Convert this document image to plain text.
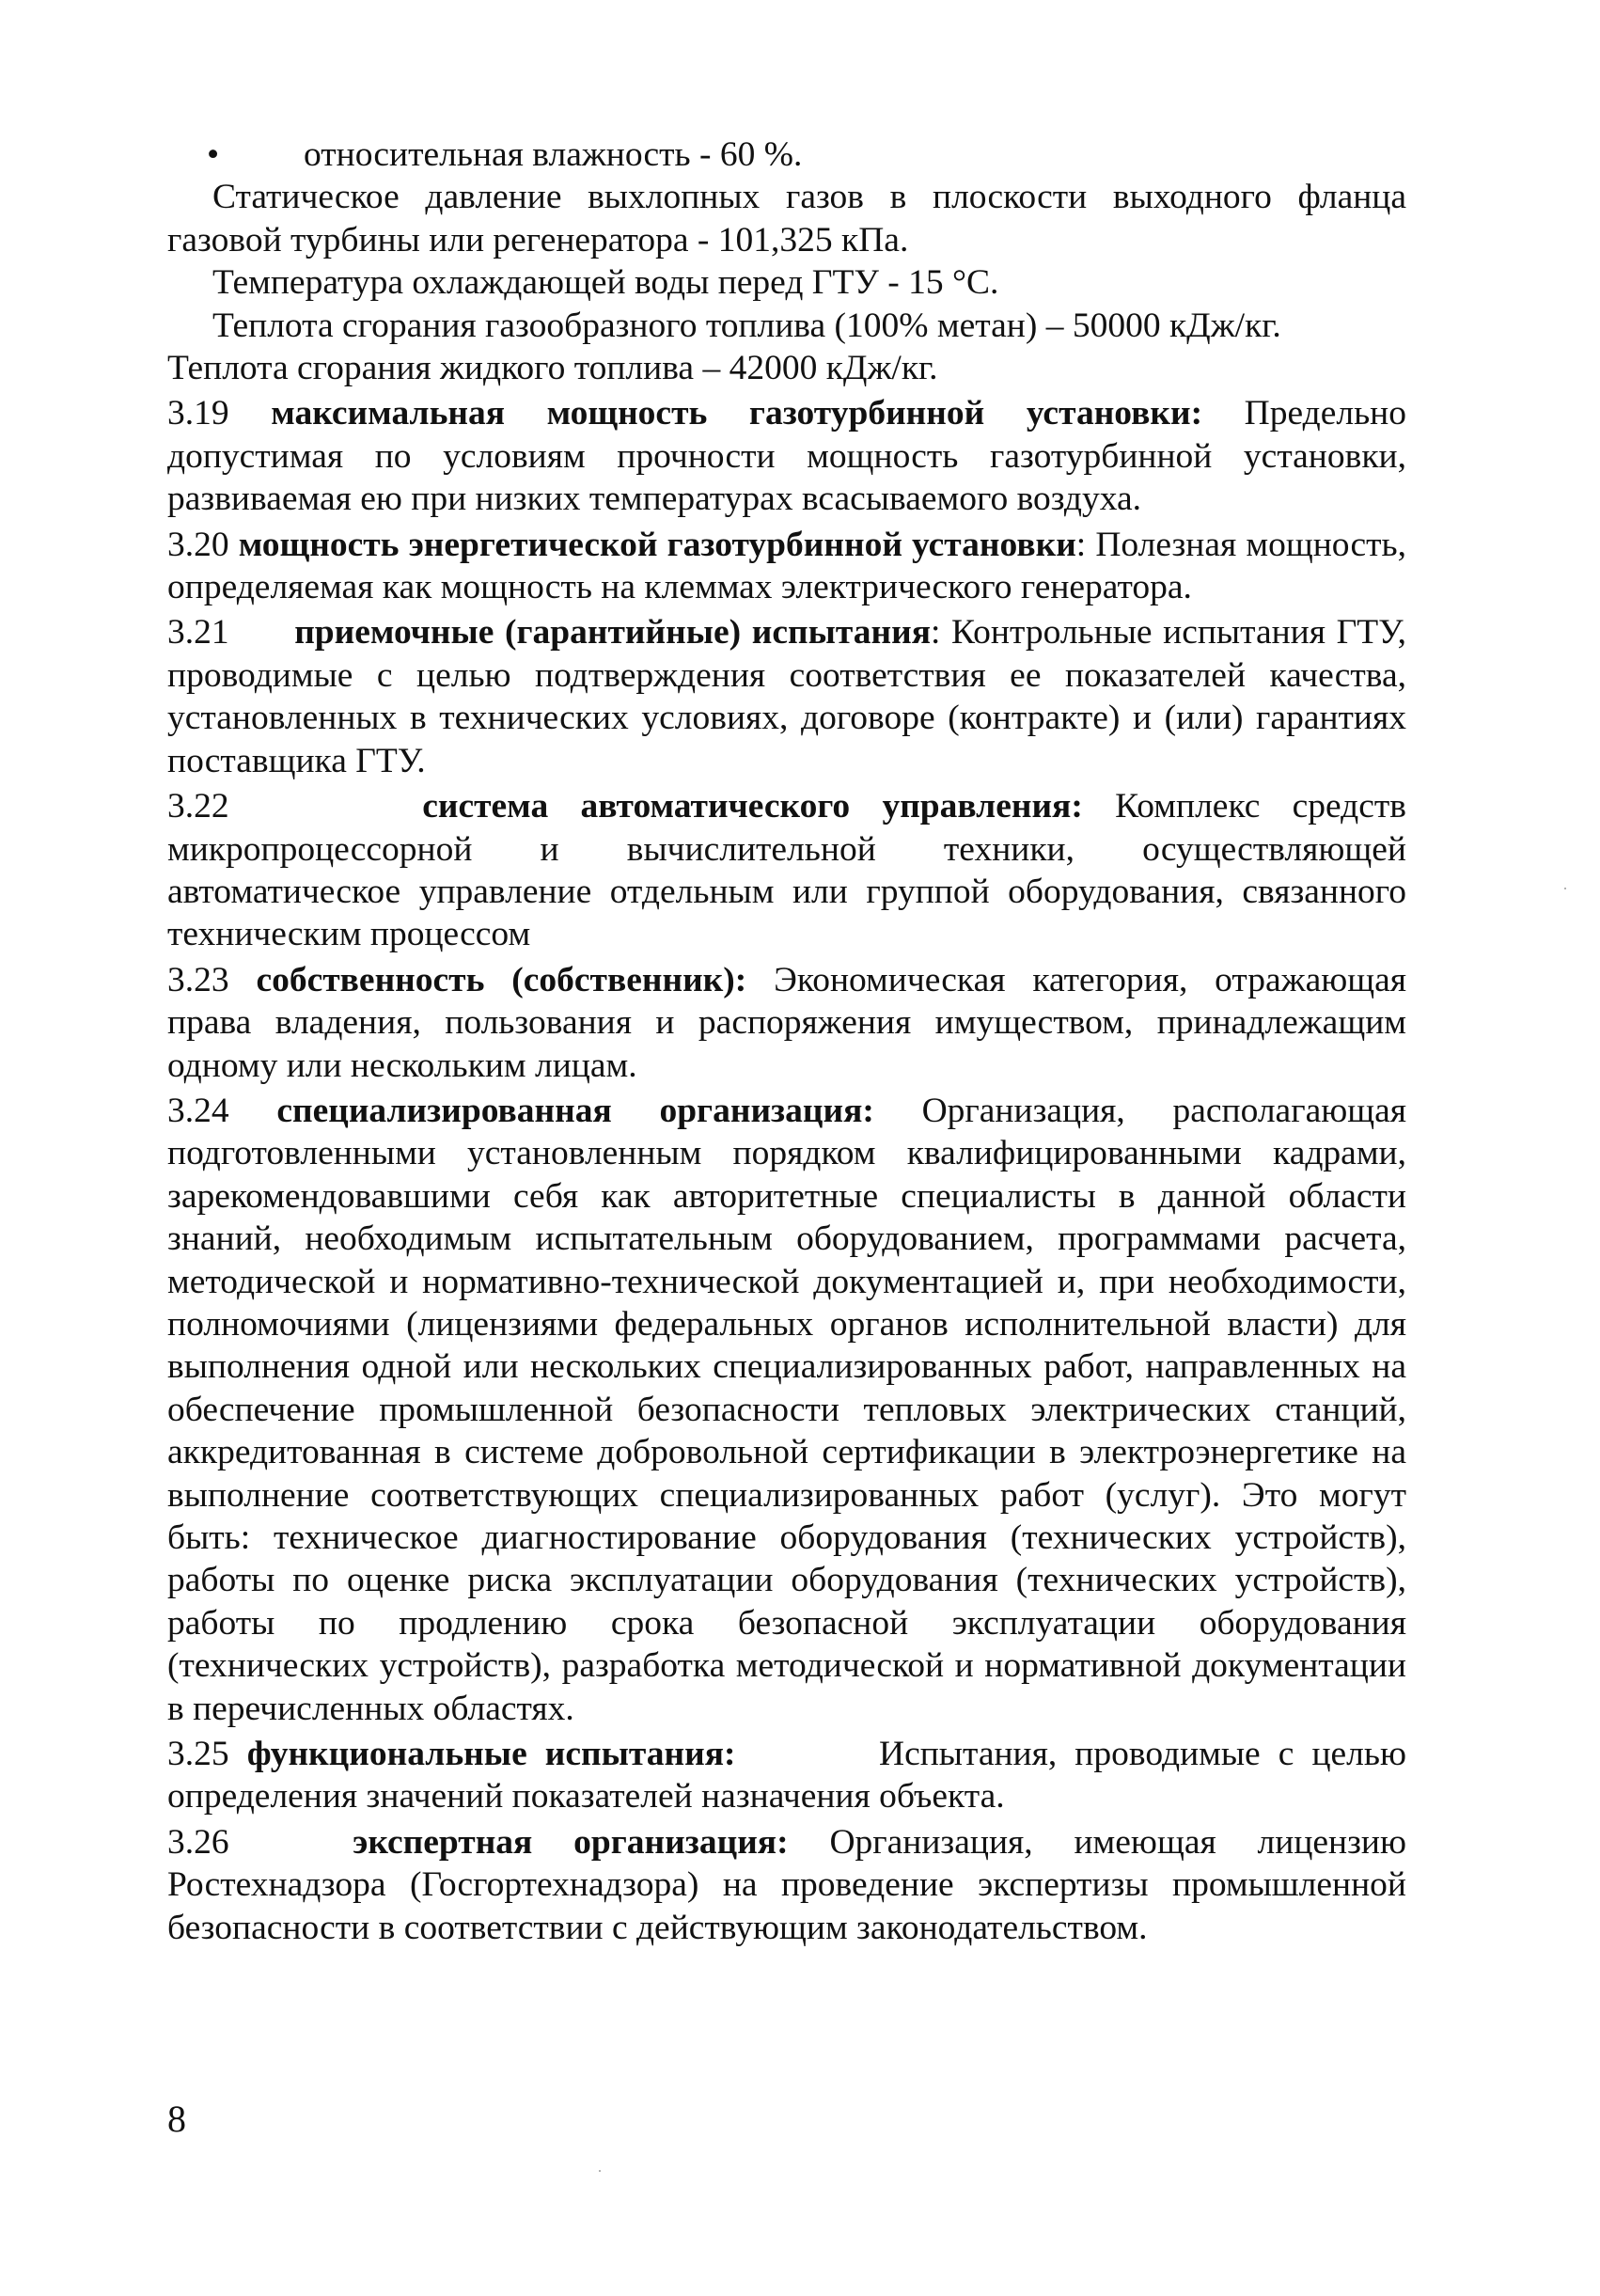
• относительная влажность - 60 %.

Статическое давление выхлопных газов в плоскости выходного фланца газовой турбины или регенератора - 101,325 кПа.

Температура охлаждающей воды перед ГТУ - 15 °С.

Теплота сгорания газообразного топлива (100% метан) – 50000 кДж/кг.

Теплота сгорания жидкого топлива – 42000 кДж/кг.

3.19 максимальная мощность газотурбинной установки: Предельно допустимая по условиям прочности мощность газотурбинной установки, развиваемая ею при низких температурах всасываемого воздуха.

3.20 мощность энергетической газотурбинной установки: Полезная мощность, определяемая как мощность на клеммах электрического генератора.

3.21 приемочные (гарантийные) испытания: Контрольные испытания ГТУ, проводимые с целью подтверждения соответствия ее показателей качества, установленных в технических условиях, договоре (контракте) и (или) гарантиях поставщика ГТУ.

3.22	система автоматического управления: Комплекс средств микропроцессорной и вычислительной техники, осуществляющей автоматическое управление отдельным или группой оборудования, связанного техническим процессом

3.23 собственность (собственник): Экономическая категория, отражающая права владения, пользования и распоряжения имуществом, принадлежащим одному или нескольким лицам.

3.24 специализированная организация: Организация, располагающая подготовленными установленным порядком квалифицированными кадрами, зарекомендовавшими себя как авторитетные специалисты в данной области знаний, необходимым испытательным оборудованием, программами расчета, методической и нормативно-технической документацией и, при необходимости, полномочиями (лицензиями федеральных органов исполнительной власти) для выполнения одной или нескольких специализированных работ, направленных на обеспечение промышленной безопасности тепловых электрических станций, аккредитованная в системе добровольной сертификации в электроэнергетике на выполнение соответствующих специализированных работ (услуг). Это могут быть: техническое диагностирование оборудования (технических устройств), работы по оценке риска эксплуатации оборудования (технических устройств), работы по продлению срока безопасной эксплуатации оборудования (технических устройств), разработка методической и нормативной документации в перечисленных областях.

3.25 функциональные испытания:	Испытания, проводимые с целью определения значений показателей назначения объекта.

3.26	экспертная организация: Организация, имеющая лицензию Ростехнадзора (Госгортехнадзора) на проведение экспертизы промышленной безопасности в соответствии с действующим законодательством.

8
